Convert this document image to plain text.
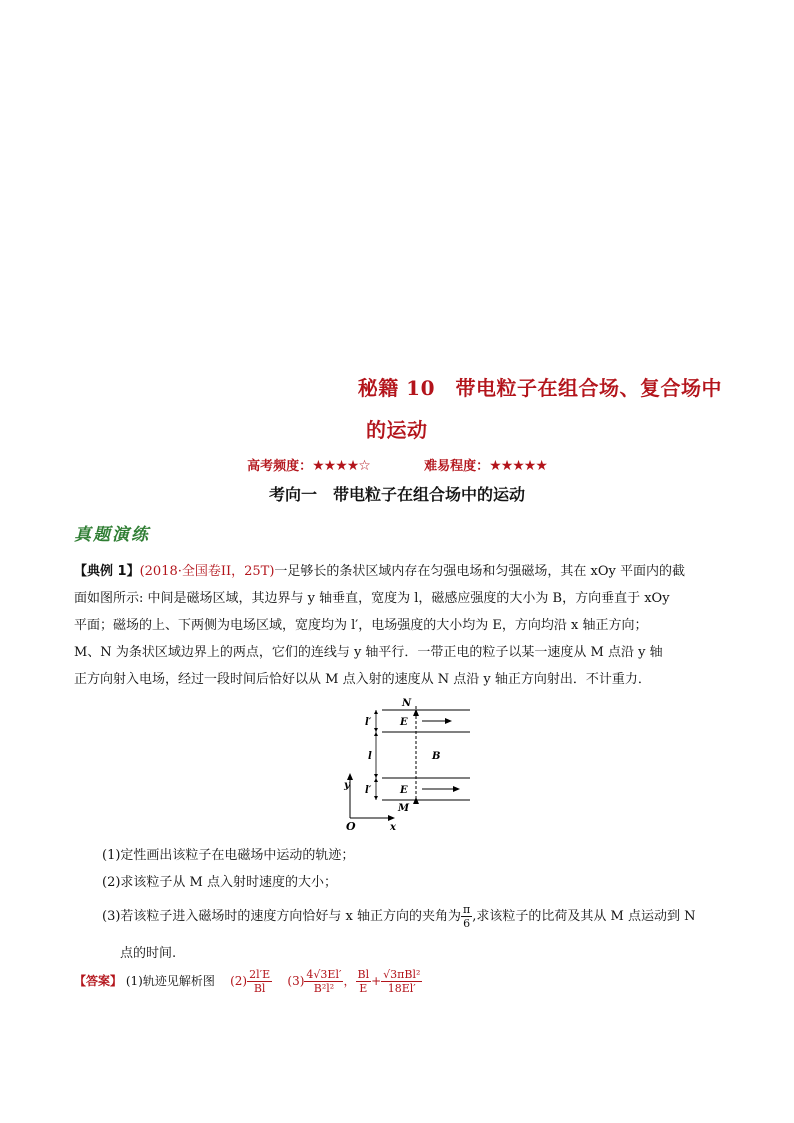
秘籍 10　带电粒子在组合场、复合场中
的运动
高考频度：★★★★☆	难易程度：★★★★★
考向一　带电粒子在组合场中的运动
真题演练
【典例 1】(2018·全国卷II，25T)一足够长的条状区域内存在匀强电场和匀强磁场，其在 xOy 平面内的截
面如图所示: 中间是磁场区域，其边界与 y 轴垂直，宽度为 l，磁感应强度的大小为 B，方向垂直于 xOy
平面；磁场的上、下两侧为电场区域，宽度均为 l′，电场强度的大小均为 E，方向均沿 x 轴正方向；
M、N 为条状区域边界上的两点，它们的连线与 y 轴平行．一带正电的粒子以某一速度从 M 点沿 y 轴
正方向射入电场，经过一段时间后恰好以从 M 点入射的速度从 N 点沿 y 轴正方向射出．不计重力．
y
O	x
N
M
E
E
B
l′
l
l′
(1)定性画出该粒子在电磁场中运动的轨迹；
(2)求该粒子从 M 点入射时速度的大小；
(3)若该粒子进入磁场时的速度方向恰好与 x 轴正方向的夹角为 $\frac{\pi}{6}$ ,求该粒子的比荷及其从 M 点运动到 N
点的时间.
【答案】 (1)轨迹见解析图 $(2) \frac{2l'E}{Bl} (3) \frac{4√3El'}{\text{B²l²}}$ ， $\frac{Bl}{E} + \frac{\text{√3πBl²}}{18El'}$
